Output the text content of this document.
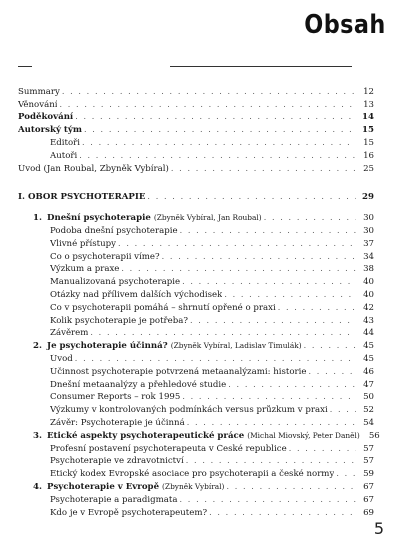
Obsah
Summary . . .	12
Věnování . . .	13
Poděkování . . .	14
Autorský tým . . .	15
Editoři . . .	15
Autoři . . .	16
Úvod (Jan Roubal, Zbyněk Vybíral) . . .	25
I. OBOR PSYCHOTERAPIE . . .	29
1. Dnešní psychoterapie (Zbyněk Vybíral, Jan Roubal) . . .	30
Podoba dnešní psychoterapie . . .	30
Vlivné přístupy . . .	37
Co o psychoterapii víme? . . .	34
Výzkum a praxe . . .	38
Manualizovaná psychoterapie . . .	40
Otázky nad přílivem dalších východisek . . .	40
Co v psychoterapii pomáhá – shrnutí opřené o praxi . . .	42
Kolik psychoterapie je potřeba? . . .	43
Závěrem . . .	44
2. Je psychoterapie účinná? (Zbyněk Vybíral, Ladislav Timulák) . . .	45
Úvod . . .	45
Účinnost psychoterapie potvrzená metaanalýzami: historie . . .	46
Dnešní metaanalýzy a přehledové studie . . .	47
Consumer Reports – rok 1995 . . .	50
Výzkumy v kontrolovaných podmínkách versus průzkum v praxi . . .	52
Závěr: Psychoterapie je účinná . . .	54
3. Etické aspekty psychoterapeutické práce (Michal Miovský, Peter Daněl)	56
Profesní postavení psychoterapeuta v České republice . . .	57
Psychoterapie ve zdravotnictví . . .	57
Etický kodex Evropské asociace pro psychoterapii a české normy . . .	59
4. Psychoterapie v Evropě (Zbyněk Vybíral) . . .	67
Psychoterapie a paradigmata . . .	67
Kdo je v Evropě psychoterapeutem? . . .	69
5
